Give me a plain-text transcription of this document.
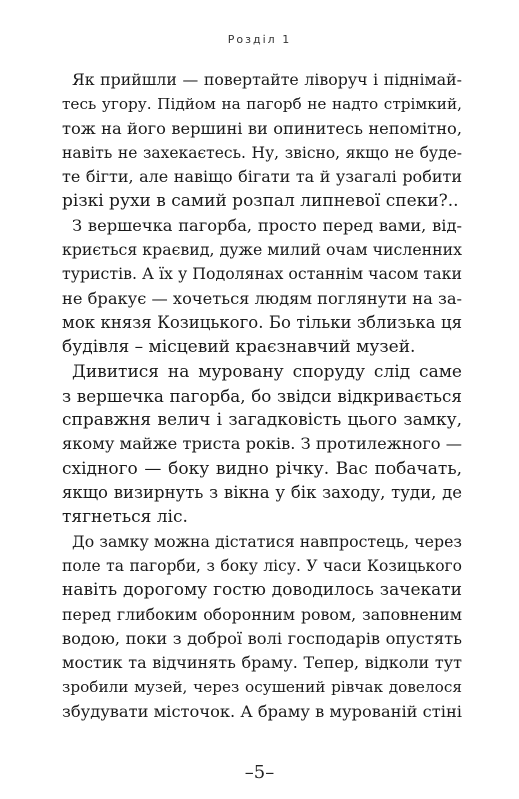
Розділ 1
Як прийшли — повертайте ліворуч і піднімай-
тесь угору. Підйом на пагорб не надто стрімкий,
тож на його вершині ви опинитесь непомітно,
навіть не захекаєтесь. Ну, звісно, якщо не буде-
те бігти, але навіщо бігати та й узагалі робити
різкі рухи в самий розпал липневої спеки?..
З вершечка пагорба, просто перед вами, від-
криється краєвид, дуже милий очам численних
туристів. А їх у Подолянах останнім часом таки
не бракує — хочеться людям поглянути на за-
мок князя Козицького. Бо тільки зблизька ця
будівля – місцевий краєзнавчий музей.
Дивитися на муровану споруду слід саме
з вершечка пагорба, бо звідси відкривається
справжня велич і загадковість цього замку,
якому майже триста років. З протилежного —
східного — боку видно річку. Вас побачать,
якщо визирнуть з вікна у бік заходу, туди, де
тягнеться ліс.
До замку можна дістатися навпростець, через
поле та пагорби, з боку лісу. У часи Козицького
навіть дорогому гостю доводилось зачекати
перед глибоким оборонним ровом, заповненим
водою, поки з доброї волі господарів опустять
мостик та відчинять браму. Тепер, відколи тут
зробили музей, через осушений рівчак довелося
збудувати місточок. А браму в мурованій стіні
–5–
